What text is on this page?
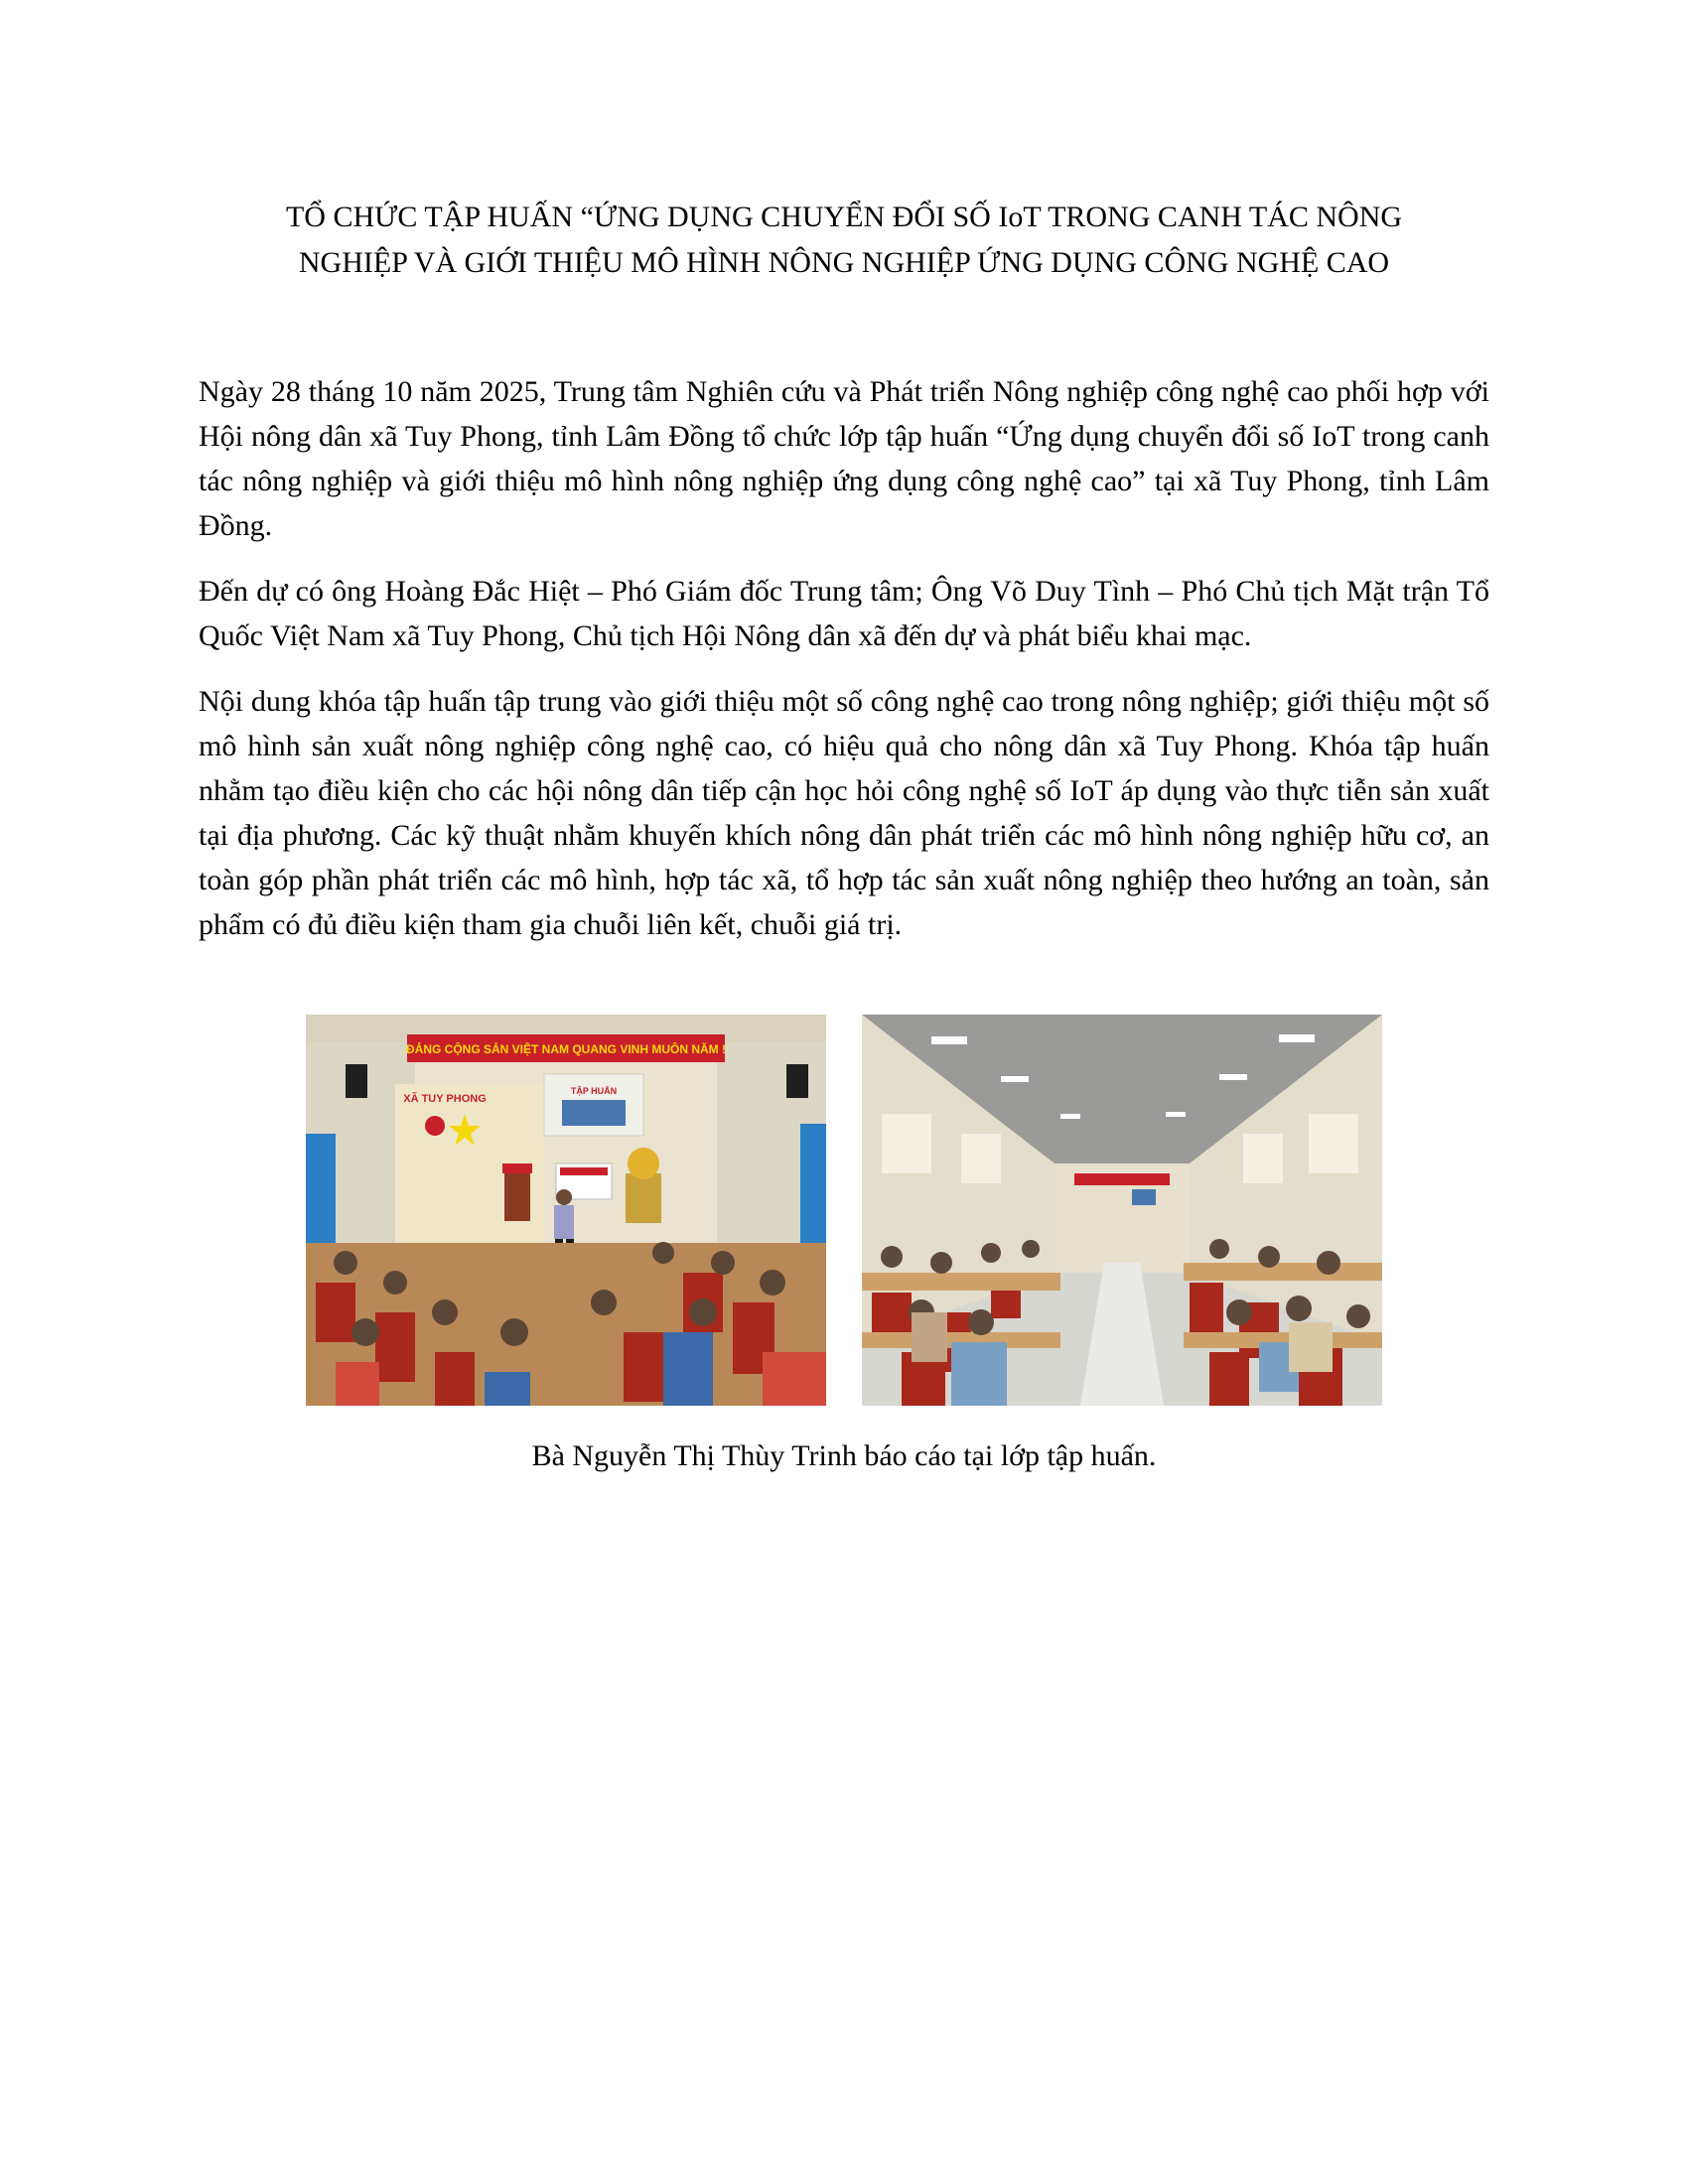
TỔ CHỨC TẬP HUẤN “ỨNG DỤNG CHUYỂN ĐỔI SỐ IoT TRONG CANH TÁC NÔNG
NGHIỆP VÀ GIỚI THIỆU MÔ HÌNH NÔNG NGHIỆP ỨNG DỤNG CÔNG NGHỆ CAO

Ngày 28 tháng 10 năm 2025, Trung tâm Nghiên cứu và Phát triển Nông nghiệp công nghệ cao phối hợp với Hội nông dân xã Tuy Phong, tỉnh Lâm Đồng tổ chức lớp tập huấn “Ứng dụng chuyển đổi số IoT trong canh tác nông nghiệp và giới thiệu mô hình nông nghiệp ứng dụng công nghệ cao” tại xã Tuy Phong, tỉnh Lâm Đồng.

Đến dự có ông Hoàng Đắc Hiệt – Phó Giám đốc Trung tâm; Ông Võ Duy Tình – Phó Chủ tịch Mặt trận Tổ Quốc Việt Nam xã Tuy Phong, Chủ tịch Hội Nông dân xã đến dự và phát biểu khai mạc.

Nội dung khóa tập huấn tập trung vào giới thiệu một số công nghệ cao trong nông nghiệp; giới thiệu một số mô hình sản xuất nông nghiệp công nghệ cao, có hiệu quả cho nông dân xã Tuy Phong. Khóa tập huấn nhằm tạo điều kiện cho các hội nông dân tiếp cận học hỏi công nghệ số IoT áp dụng vào thực tiễn sản xuất tại địa phương. Các kỹ thuật nhằm khuyến khích nông dân phát triển các mô hình nông nghiệp hữu cơ, an toàn góp phần phát triển các mô hình, hợp tác xã, tổ hợp tác sản xuất nông nghiệp theo hướng an toàn, sản phẩm có đủ điều kiện tham gia chuỗi liên kết, chuỗi giá trị.

ĐẢNG CỘNG SẢN VIỆT NAM QUANG VINH MUÔN NĂM !
XÃ TUY PHONG
TẬP HUẤN
Bà Nguyễn Thị Thùy Trinh báo cáo tại lớp tập huấn.
